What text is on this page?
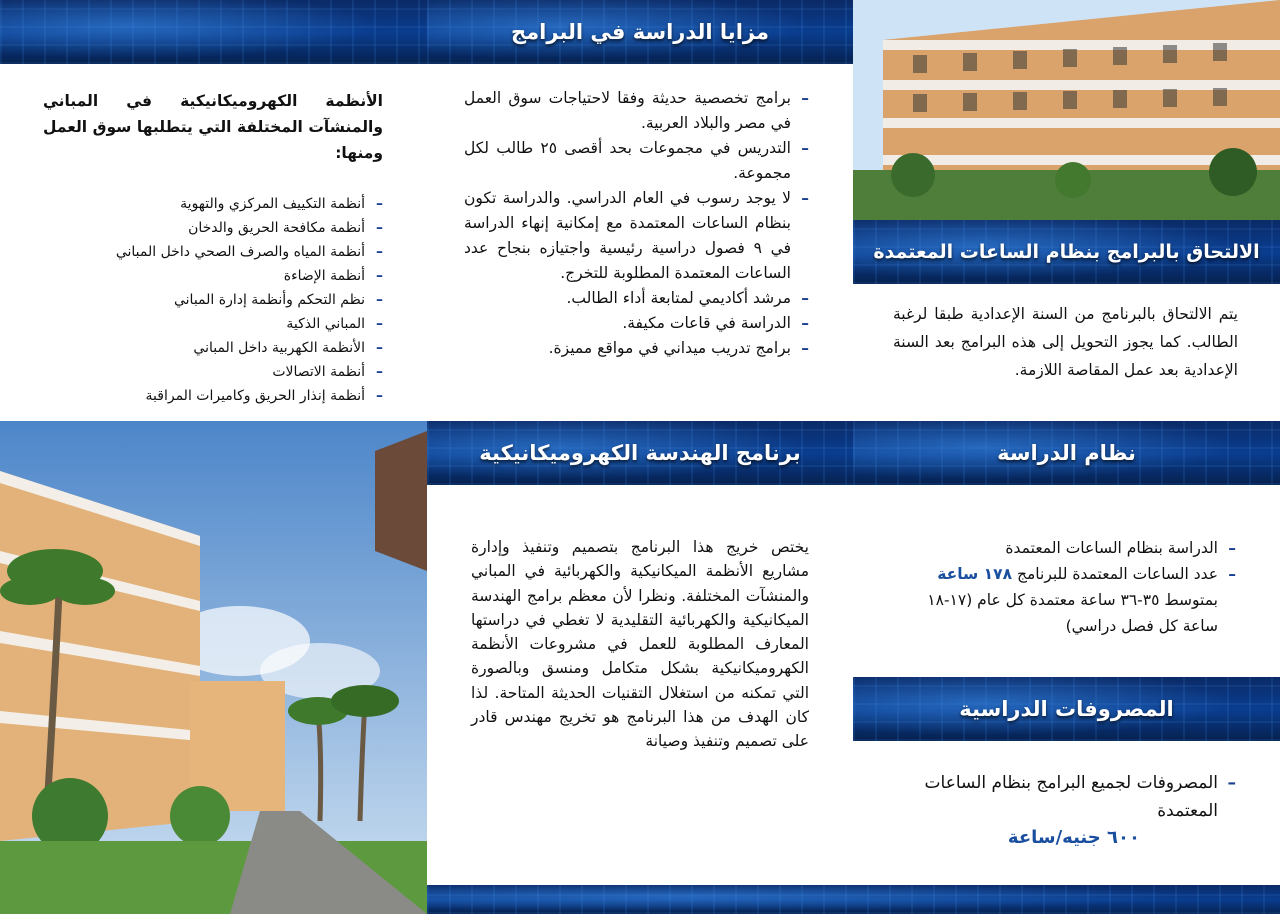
الأنظمة الكهروميكانيكية في المباني والمنشآت المختلفة التي يتطلبها سوق العمل ومنها:
– أنظمة التكييف المركزي والتهوية
– أنظمة مكافحة الحريق والدخان
– أنظمة المياه والصرف الصحي داخل المباني
– أنظمة الإضاءة
– نظم التحكم وأنظمة إدارة المباني
– المباني الذكية
– الأنظمة الكهربية داخل المباني
– أنظمة الاتصالات
– أنظمة إنذار الحريق وكاميرات المراقبة
مزايا الدراسة في البرامج
– برامج تخصصية حديثة وفقا لاحتياجات سوق العمل في مصر والبلاد العربية.
– التدريس في مجموعات بحد أقصى ٢٥ طالب لكل مجموعة.
– لا يوجد رسوب في العام الدراسي. والدراسة تكون بنظام الساعات المعتمدة مع إمكانية إنهاء الدراسة في ٩ فصول دراسية رئيسية واجتيازه بنجاح عدد الساعات المعتمدة المطلوبة للتخرج.
– مرشد أكاديمي لمتابعة أداء الطالب.
– الدراسة في قاعات مكيفة.
– برامج تدريب ميداني في مواقع مميزة.
الالتحاق بالبرامج بنظام الساعات المعتمدة
يتم الالتحاق بالبرنامج من السنة الإعدادية طبقا لرغبة الطالب. كما يجوز التحويل إلى هذه البرامج بعد السنة الإعدادية بعد عمل المقاصة اللازمة.
برنامج الهندسة الكهروميكانيكية
يختص خريج هذا البرنامج بتصميم وتنفيذ وإدارة مشاريع الأنظمة الميكانيكية والكهربائية في المباني والمنشآت المختلفة. ونظرا لأن معظم برامج الهندسة الميكانيكية والكهربائية التقليدية لا تغطي في دراستها المعارف المطلوبة للعمل في مشروعات الأنظمة الكهروميكانيكية بشكل متكامل ومنسق وبالصورة التي تمكنه من استغلال التقنيات الحديثة المتاحة. لذا كان الهدف من هذا البرنامج هو تخريج مهندس قادر على تصميم وتنفيذ وصيانة
نظام الدراسة
– الدراسة بنظام الساعات المعتمدة
– عدد الساعات المعتمدة للبرنامج ١٧٨ ساعة بمتوسط ٣٥-٣٦ ساعة معتمدة كل عام (١٧-١٨ ساعة كل فصل دراسي)
المصروفات الدراسية
– المصروفات لجميع البرامج بنظام الساعات المعتمدة
٦٠٠ جنيه/ساعة
